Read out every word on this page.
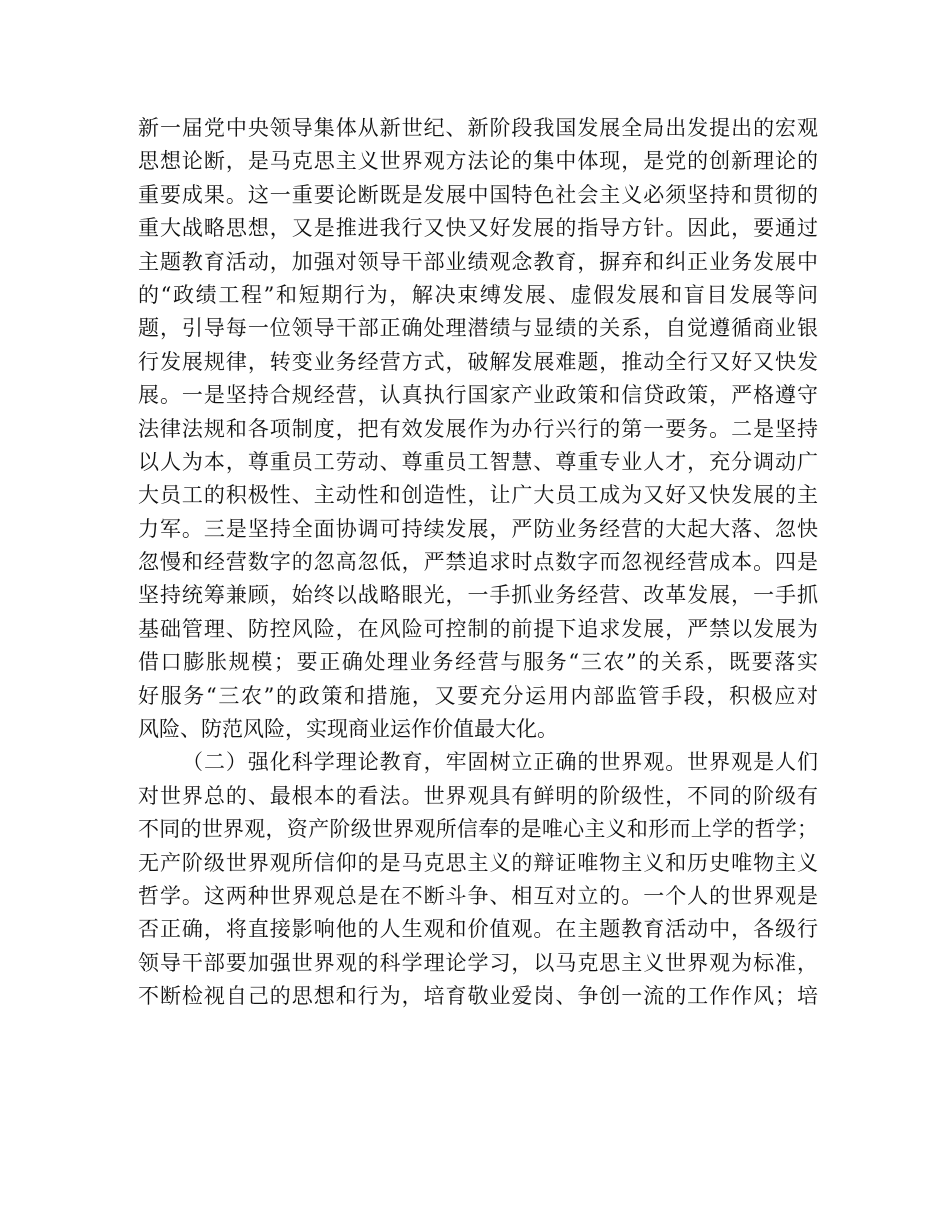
新一届党中央领导集体从新世纪、新阶段我国发展全局出发提出的宏观
思想论断，是马克思主义世界观方法论的集中体现，是党的创新理论的
重要成果。这一重要论断既是发展中国特色社会主义必须坚持和贯彻的
重大战略思想，又是推进我行又快又好发展的指导方针。因此，要通过
主题教育活动，加强对领导干部业绩观念教育，摒弃和纠正业务发展中
的“政绩工程”和短期行为，解决束缚发展、虚假发展和盲目发展等问
题，引导每一位领导干部正确处理潜绩与显绩的关系，自觉遵循商业银
行发展规律，转变业务经营方式，破解发展难题，推动全行又好又快发
展。一是坚持合规经营，认真执行国家产业政策和信贷政策，严格遵守
法律法规和各项制度，把有效发展作为办行兴行的第一要务。二是坚持
以人为本，尊重员工劳动、尊重员工智慧、尊重专业人才，充分调动广
大员工的积极性、主动性和创造性，让广大员工成为又好又快发展的主
力军。三是坚持全面协调可持续发展，严防业务经营的大起大落、忽快
忽慢和经营数字的忽高忽低，严禁追求时点数字而忽视经营成本。四是
坚持统筹兼顾，始终以战略眼光，一手抓业务经营、改革发展，一手抓
基础管理、防控风险，在风险可控制的前提下追求发展，严禁以发展为
借口膨胀规模；要正确处理业务经营与服务“三农”的关系，既要落实
好服务“三农”的政策和措施，又要充分运用内部监管手段，积极应对
风险、防范风险，实现商业运作价值最大化。
（二）强化科学理论教育，牢固树立正确的世界观。世界观是人们
对世界总的、最根本的看法。世界观具有鲜明的阶级性，不同的阶级有
不同的世界观，资产阶级世界观所信奉的是唯心主义和形而上学的哲学；
无产阶级世界观所信仰的是马克思主义的辩证唯物主义和历史唯物主义
哲学。这两种世界观总是在不断斗争、相互对立的。一个人的世界观是
否正确，将直接影响他的人生观和价值观。在主题教育活动中，各级行
领导干部要加强世界观的科学理论学习，以马克思主义世界观为标准，
不断检视自己的思想和行为，培育敬业爱岗、争创一流的工作作风；培
